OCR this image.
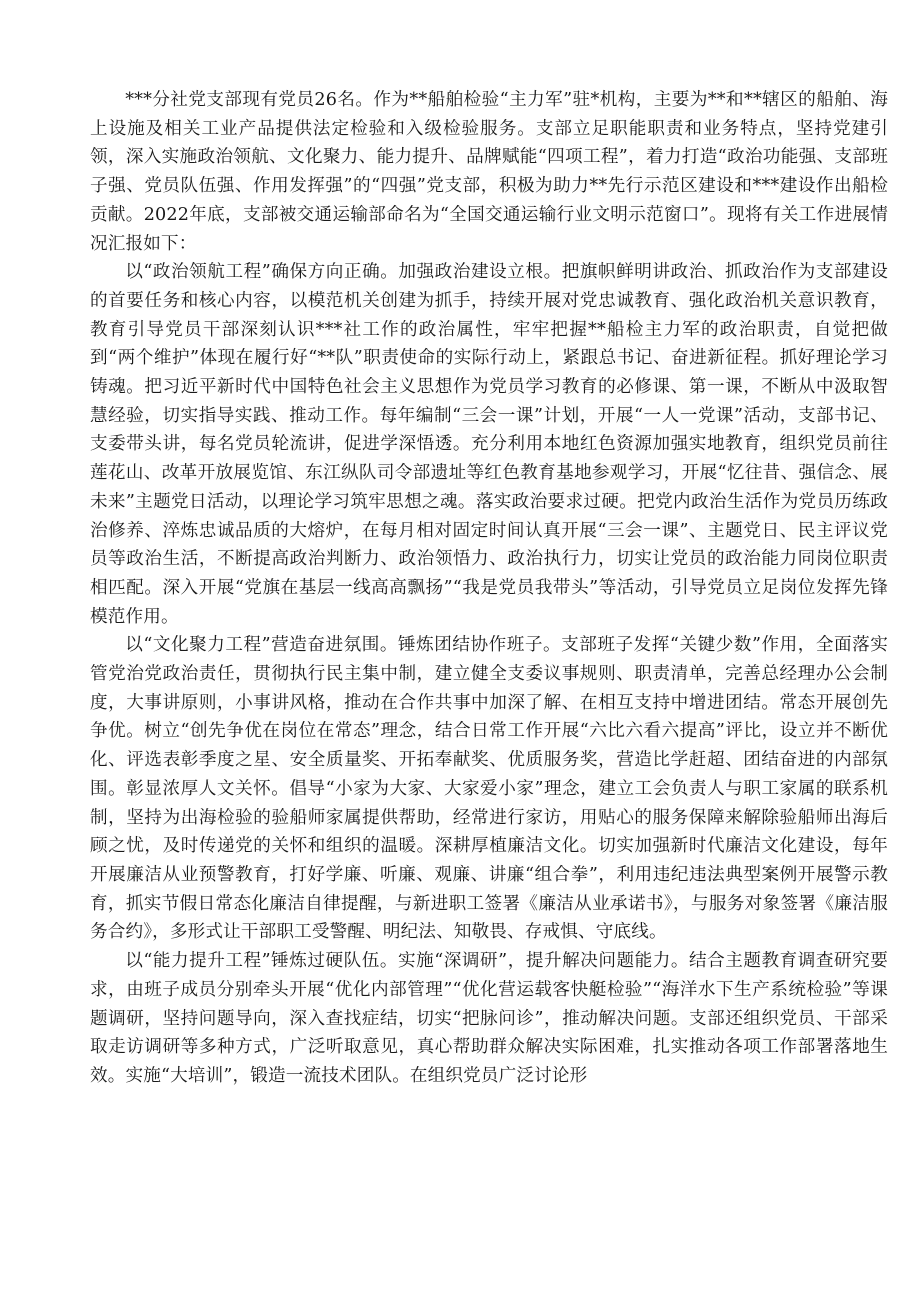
***分社党支部现有党员26名。作为**船舶检验“主力军”驻*机构，主要为**和**辖区的船舶、海上设施及相关工业产品提供法定检验和入级检验服务。支部立足职能职责和业务特点，坚持党建引领，深入实施政治领航、文化聚力、能力提升、品牌赋能“四项工程”，着力打造“政治功能强、支部班子强、党员队伍强、作用发挥强”的“四强”党支部，积极为助力**先行示范区建设和***建设作出船检贡献。2022年底，支部被交通运输部命名为“全国交通运输行业文明示范窗口”。现将有关工作进展情况汇报如下：

以“政治领航工程”确保方向正确。加强政治建设立根。把旗帜鲜明讲政治、抓政治作为支部建设的首要任务和核心内容，以模范机关创建为抓手，持续开展对党忠诚教育、强化政治机关意识教育，教育引导党员干部深刻认识***社工作的政治属性，牢牢把握**船检主力军的政治职责，自觉把做到“两个维护”体现在履行好“**队”职责使命的实际行动上，紧跟总书记、奋进新征程。抓好理论学习铸魂。把习近平新时代中国特色社会主义思想作为党员学习教育的必修课、第一课，不断从中汲取智慧经验，切实指导实践、推动工作。每年编制“三会一课”计划，开展“一人一党课”活动，支部书记、支委带头讲，每名党员轮流讲，促进学深悟透。充分利用本地红色资源加强实地教育，组织党员前往莲花山、改革开放展览馆、东江纵队司令部遗址等红色教育基地参观学习，开展“忆往昔、强信念、展未来”主题党日活动，以理论学习筑牢思想之魂。落实政治要求过硬。把党内政治生活作为党员历练政治修养、淬炼忠诚品质的大熔炉，在每月相对固定时间认真开展“三会一课”、主题党日、民主评议党员等政治生活，不断提高政治判断力、政治领悟力、政治执行力，切实让党员的政治能力同岗位职责相匹配。深入开展“党旗在基层一线高高飘扬”“我是党员我带头”等活动，引导党员立足岗位发挥先锋模范作用。

以“文化聚力工程”营造奋进氛围。锤炼团结协作班子。支部班子发挥“关键少数”作用，全面落实管党治党政治责任，贯彻执行民主集中制，建立健全支委议事规则、职责清单，完善总经理办公会制度，大事讲原则，小事讲风格，推动在合作共事中加深了解、在相互支持中增进团结。常态开展创先争优。树立“创先争优在岗位在常态”理念，结合日常工作开展“六比六看六提高”评比，设立并不断优化、评选表彰季度之星、安全质量奖、开拓奉献奖、优质服务奖，营造比学赶超、团结奋进的内部氛围。彰显浓厚人文关怀。倡导“小家为大家、大家爱小家”理念，建立工会负责人与职工家属的联系机制，坚持为出海检验的验船师家属提供帮助，经常进行家访，用贴心的服务保障来解除验船师出海后顾之忧，及时传递党的关怀和组织的温暖。深耕厚植廉洁文化。切实加强新时代廉洁文化建设，每年开展廉洁从业预警教育，打好学廉、听廉、观廉、讲廉“组合拳”，利用违纪违法典型案例开展警示教育，抓实节假日常态化廉洁自律提醒，与新进职工签署《廉洁从业承诺书》，与服务对象签署《廉洁服务合约》，多形式让干部职工受警醒、明纪法、知敬畏、存戒惧、守底线。

以“能力提升工程”锤炼过硬队伍。实施“深调研”，提升解决问题能力。结合主题教育调查研究要求，由班子成员分别牵头开展“优化内部管理”“优化营运载客快艇检验”“海洋水下生产系统检验”等课题调研，坚持问题导向，深入查找症结，切实“把脉问诊”，推动解决问题。支部还组织党员、干部采取走访调研等多种方式，广泛听取意见，真心帮助群众解决实际困难，扎实推动各项工作部署落地生效。实施“大培训”，锻造一流技术团队。在组织党员广泛讨论形
